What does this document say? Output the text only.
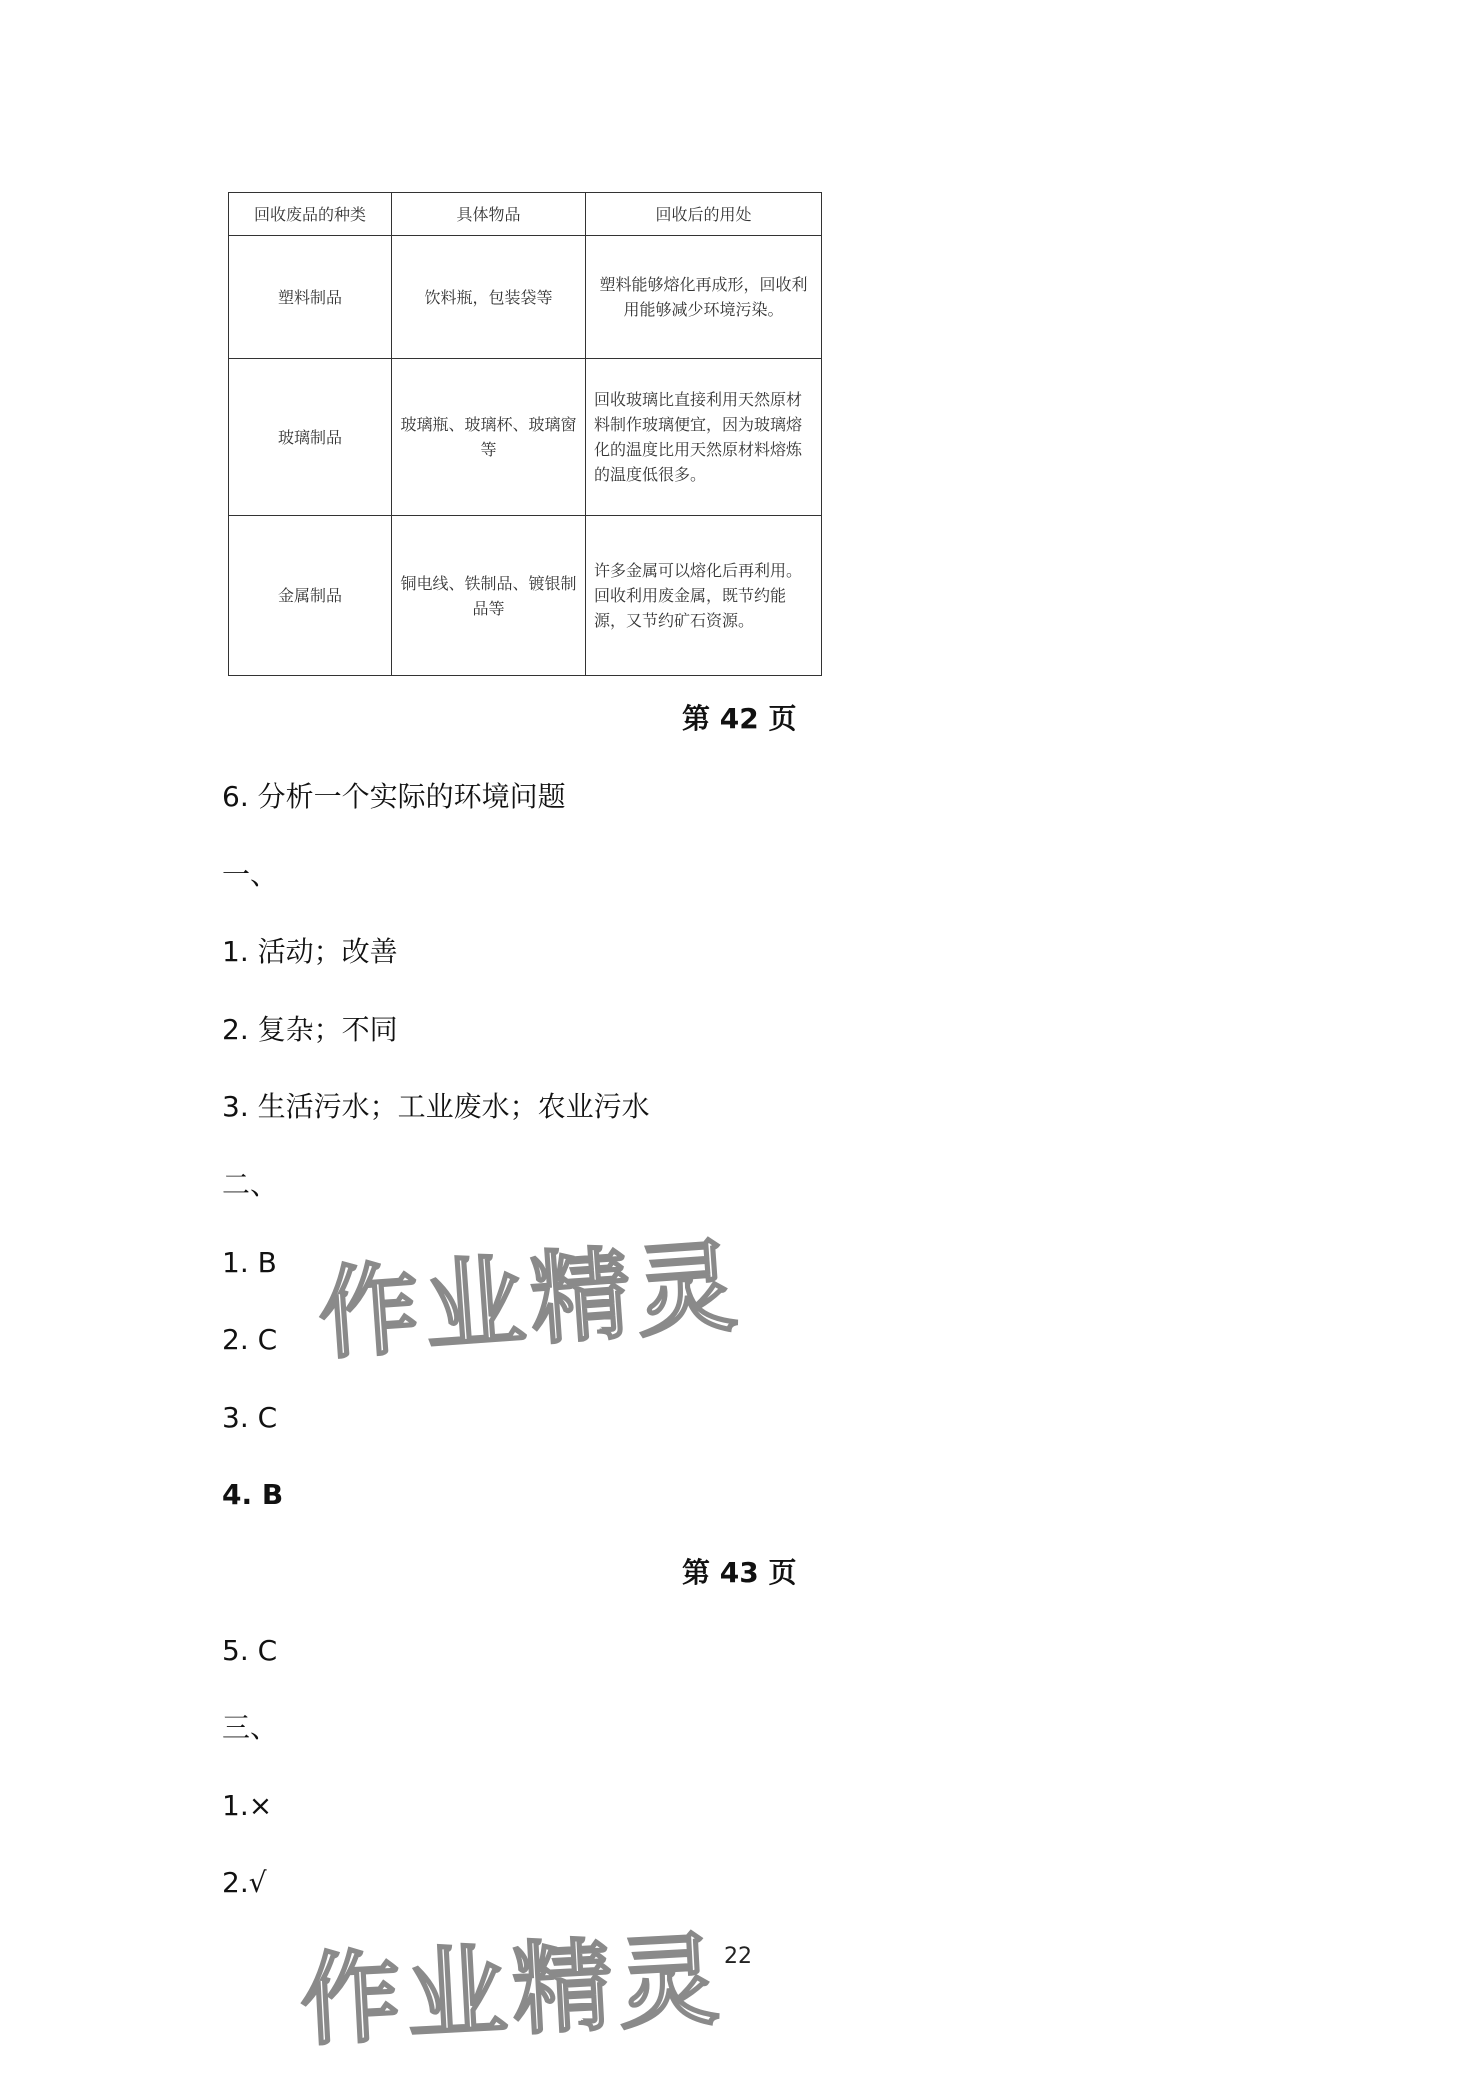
回收废品的种类	具体物品	回收后的用处
塑料制品	饮料瓶，包装袋等	塑料能够熔化再成形，回收利用能够减少环境污染。
玻璃制品	玻璃瓶、玻璃杯、玻璃窗等	回收玻璃比直接利用天然原材料制作玻璃便宜，因为玻璃熔化的温度比用天然原材料熔炼的温度低很多。
金属制品	铜电线、铁制品、镀银制品等	许多金属可以熔化后再利用。回收利用废金属，既节约能源，又节约矿石资源。
第 42 页
6. 分析一个实际的环境问题
一、
1. 活动；改善
2. 复杂；不同
3. 生活污水；工业废水；农业污水
二、
1. B
2. C
3. C
4. B
第 43 页
5. C
三、
1.×
2.√
作业精灵
作业精灵
22
